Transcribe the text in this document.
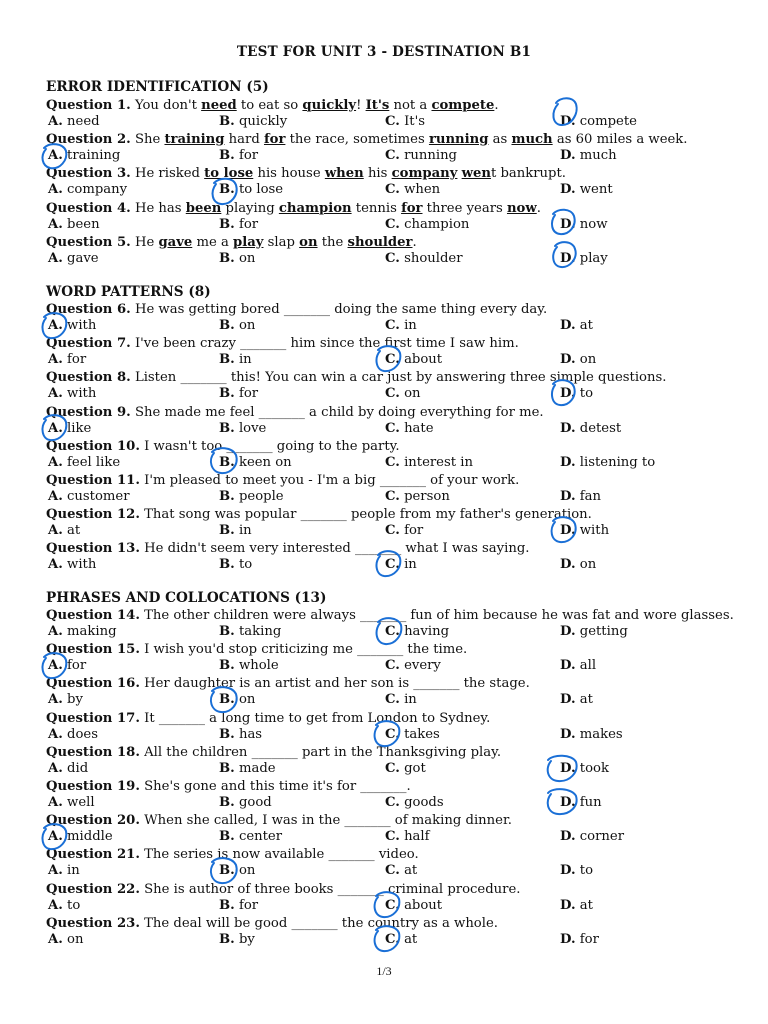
TEST FOR UNIT 3 - DESTINATION B1
ERROR IDENTIFICATION (5)
Question 1. You don't need to eat so quickly! It's not a compete.
A. need	B. quickly	C. It's	D. compete
Question 2. She training hard for the race, sometimes running as much as 60 miles a week.
A. training	B. for	C. running	D. much
Question 3. He risked to lose his house when his company went bankrupt.
A. company	B. to lose	C. when	D. went
Question 4. He has been playing champion tennis for three years now.
A. been	B. for	C. champion	D. now
Question 5. He gave me a play slap on the shoulder.
A. gave	B. on	C. shoulder	D. play
WORD PATTERNS (8)
Question 6. He was getting bored _______ doing the same thing every day.
A. with	B. on	C. in	D. at
Question 7. I've been crazy _______ him since the first time I saw him.
A. for	B. in	C. about	D. on
Question 8. Listen _______ this! You can win a car just by answering three simple questions.
A. with	B. for	C. on	D. to
Question 9. She made me feel _______ a child by doing everything for me.
A. like	B. love	C. hate	D. detest
Question 10. I wasn't too _______ going to the party.
A. feel like	B. keen on	C. interest in	D. listening to
Question 11. I'm pleased to meet you - I'm a big _______ of your work.
A. customer	B. people	C. person	D. fan
Question 12. That song was popular _______ people from my father's generation.
A. at	B. in	C. for	D. with
Question 13. He didn't seem very interested _______ what I was saying.
A. with	B. to	C. in	D. on
PHRASES AND COLLOCATIONS (13)
Question 14. The other children were always _______ fun of him because he was fat and wore glasses.
A. making	B. taking	C. having	D. getting
Question 15. I wish you'd stop criticizing me _______ the time.
A. for	B. whole	C. every	D. all
Question 16. Her daughter is an artist and her son is _______ the stage.
A. by	B. on	C. in	D. at
Question 17. It _______ a long time to get from London to Sydney.
A. does	B. has	C. takes	D. makes
Question 18. All the children _______ part in the Thanksgiving play.
A. did	B. made	C. got	D. took
Question 19. She's gone and this time it's for _______.
A. well	B. good	C. goods	D. fun
Question 20. When she called, I was in the _______ of making dinner.
A. middle	B. center	C. half	D. corner
Question 21. The series is now available _______ video.
A. in	B. on	C. at	D. to
Question 22. She is author of three books _______ criminal procedure.
A. to	B. for	C. about	D. at
Question 23. The deal will be good _______ the country as a whole.
A. on	B. by	C. at	D. for
1/3
